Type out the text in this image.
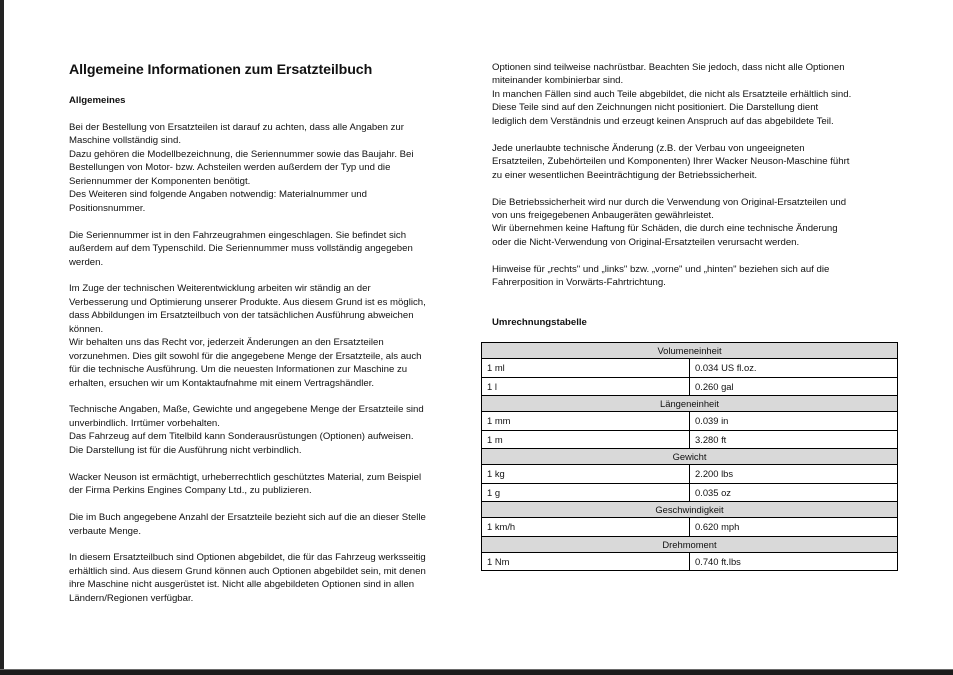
Allgemeine Informationen zum Ersatzteilbuch
Allgemeines
Bei der Bestellung von Ersatzteilen ist darauf zu achten, dass alle Angaben zur
Maschine vollständig sind.
Dazu gehören die Modellbezeichnung, die Seriennummer sowie das Baujahr. Bei
Bestellungen von Motor- bzw. Achsteilen werden außerdem der Typ und die
Seriennummer der Komponenten benötigt.
Des Weiteren sind folgende Angaben notwendig: Materialnummer und
Positionsnummer.
Die Seriennummer ist in den Fahrzeugrahmen eingeschlagen. Sie befindet sich
außerdem auf dem Typenschild. Die Seriennummer muss vollständig angegeben
werden.
Im Zuge der technischen Weiterentwicklung arbeiten wir ständig an der
Verbesserung und Optimierung unserer Produkte. Aus diesem Grund ist es möglich,
dass Abbildungen im Ersatzteilbuch von der tatsächlichen Ausführung abweichen
können.
Wir behalten uns das Recht vor, jederzeit Änderungen an den Ersatzteilen
vorzunehmen. Dies gilt sowohl für die angegebene Menge der Ersatzteile, als auch
für die technische Ausführung. Um die neuesten Informationen zur Maschine zu
erhalten, ersuchen wir um Kontaktaufnahme mit einem Vertragshändler.
Technische Angaben, Maße, Gewichte und angegebene Menge der Ersatzteile sind
unverbindlich. Irrtümer vorbehalten.
Das Fahrzeug auf dem Titelbild kann Sonderausrüstungen (Optionen) aufweisen.
Die Darstellung ist für die Ausführung nicht verbindlich.
Wacker Neuson ist ermächtigt, urheberrechtlich geschütztes Material, zum Beispiel
der Firma Perkins Engines Company Ltd., zu publizieren.
Die im Buch angegebene Anzahl der Ersatzteile bezieht sich auf die an dieser Stelle
verbaute Menge.
In diesem Ersatzteilbuch sind Optionen abgebildet, die für das Fahrzeug werksseitig
erhältlich sind. Aus diesem Grund können auch Optionen abgebildet sein, mit denen
ihre Maschine nicht ausgerüstet ist. Nicht alle abgebildeten Optionen sind in allen
Ländern/Regionen verfügbar.
Optionen sind teilweise nachrüstbar. Beachten Sie jedoch, dass nicht alle Optionen
miteinander kombinierbar sind.
In manchen Fällen sind auch Teile abgebildet, die nicht als Ersatzteile erhältlich sind.
Diese Teile sind auf den Zeichnungen nicht positioniert. Die Darstellung dient
lediglich dem Verständnis und erzeugt keinen Anspruch auf das abgebildete Teil.
Jede unerlaubte technische Änderung (z.B. der Verbau von ungeeigneten
Ersatzteilen, Zubehörteilen und Komponenten) Ihrer Wacker Neuson-Maschine führt
zu einer wesentlichen Beeinträchtigung der Betriebssicherheit.
Die Betriebssicherheit wird nur durch die Verwendung von Original-Ersatzteilen und
von uns freigegebenen Anbaugeräten gewährleistet.
Wir übernehmen keine Haftung für Schäden, die durch eine technische Änderung
oder die Nicht-Verwendung von Original-Ersatzteilen verursacht werden.
Hinweise für „rechts" und „links" bzw. „vorne" und „hinten" beziehen sich auf die
Fahrerposition in Vorwärts-Fahrtrichtung.
Umrechnungstabelle
Volumeneinheit	
1 ml	0.034 US fl.oz.
1 l	0.260 gal
Längeneinheit	
1 mm	0.039 in
1 m	3.280 ft
Gewicht	
1 kg	2.200 lbs
1 g	0.035 oz
Geschwindigkeit	
1 km/h	0.620 mph
Drehmoment	
1 Nm	0.740 ft.lbs
